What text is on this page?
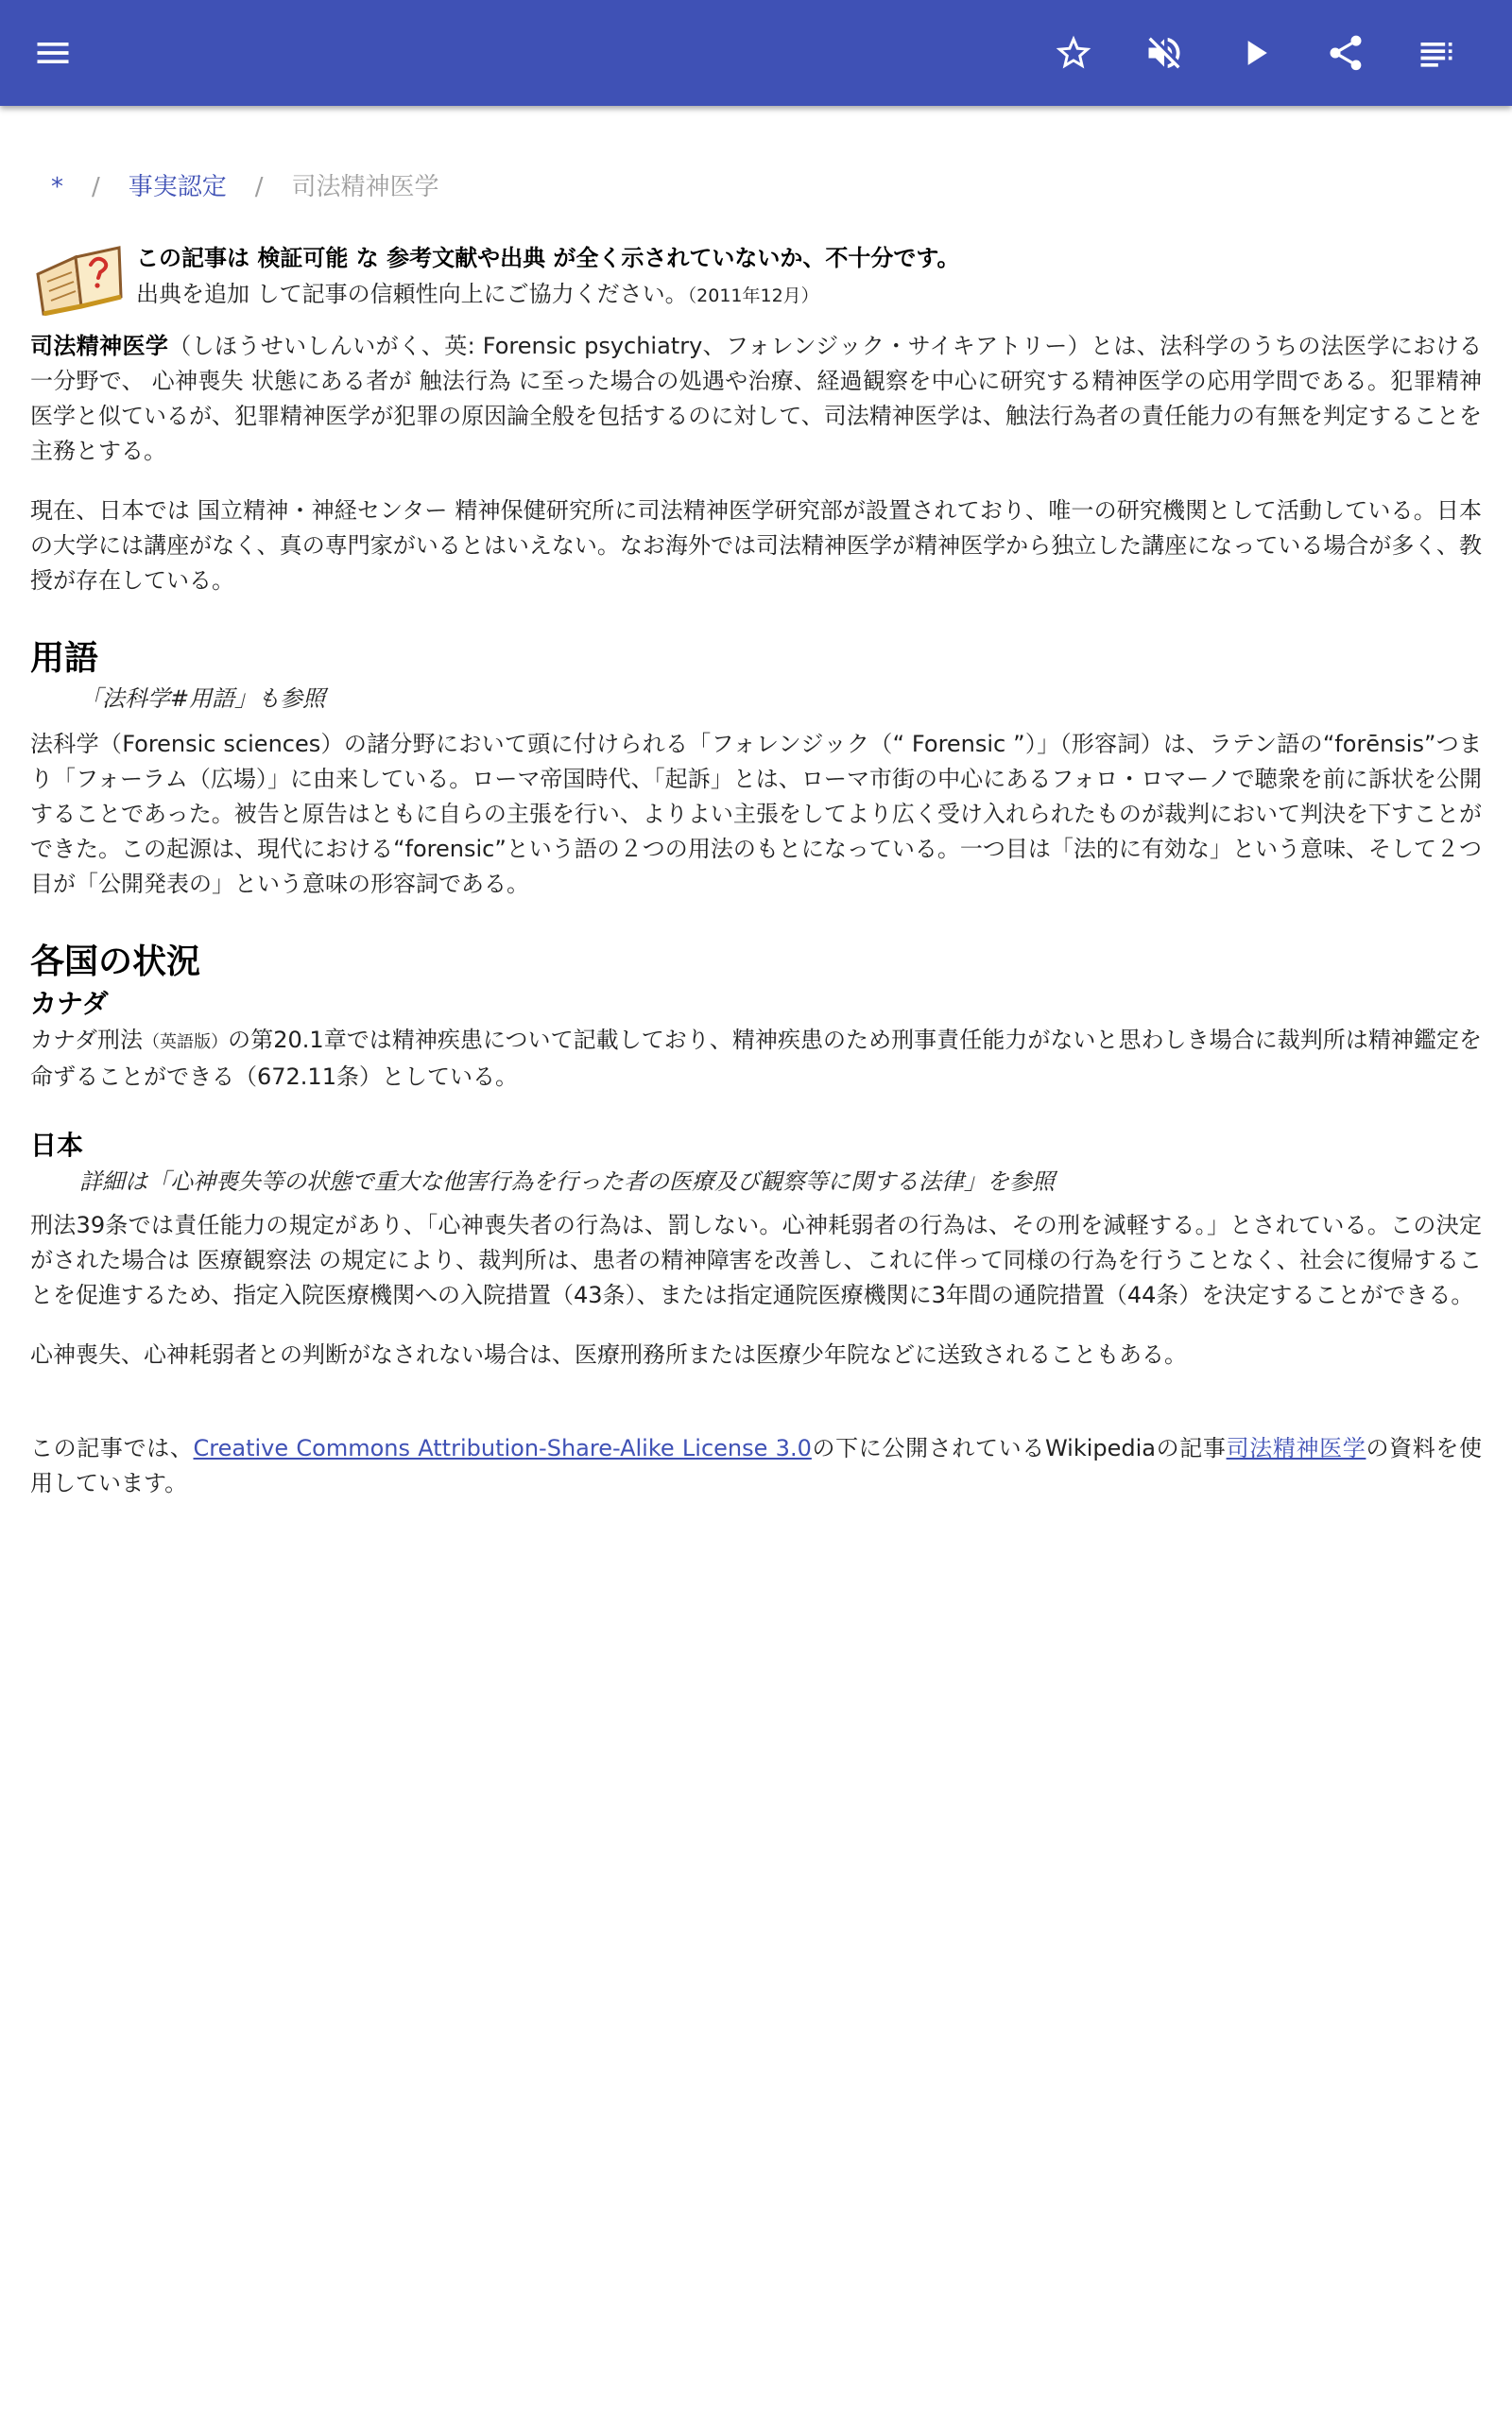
* / 事実認定 / 司法精神医学
この記事は 検証可能 な 参考文献や出典 が全く示されていないか、不十分です。
出典を追加 して記事の信頼性向上にご協力ください。（2011年12月）

司法精神医学（しほうせいしんいがく、英: Forensic psychiatry、フォレンジック・サイキアトリー）とは、法科学のうちの法医学における一分野で、 心神喪失 状態にある者が 触法行為 に至った場合の処遇や治療、経過観察を中心に研究する精神医学の応用学問である。犯罪精神医学と似ているが、犯罪精神医学が犯罪の原因論全般を包括するのに対して、司法精神医学は、触法行為者の責任能力の有無を判定することを主務とする。

現在、日本では 国立精神・神経センター 精神保健研究所に司法精神医学研究部が設置されており、唯一の研究機関として活動している。日本の大学には講座がなく、真の専門家がいるとはいえない。なお海外では司法精神医学が精神医学から独立した講座になっている場合が多く、教授が存在している。

用語
「法科学#用語」も参照

法科学（Forensic sciences）の諸分野において頭に付けられる「フォレンジック（“ Forensic ”）」（形容詞）は、ラテン語の“forēnsis”つまり「フォーラム（広場）」に由来している。ローマ帝国時代、「起訴」とは、ローマ市街の中心にあるフォロ・ロマーノで聴衆を前に訴状を公開することであった。被告と原告はともに自らの主張を行い、よりよい主張をしてより広く受け入れられたものが裁判において判決を下すことができた。この起源は、現代における“forensic”という語の２つの用法のもとになっている。一つ目は「法的に有効な」という意味、そして２つ目が「公開発表の」という意味の形容詞である。

各国の状況
カナダ

カナダ刑法（英語版）の第20.1章では精神疾患について記載しており、精神疾患のため刑事責任能力がないと思わしき場合に裁判所は精神鑑定を命ずることができる（672.11条）としている。

日本
詳細は「心神喪失等の状態で重大な他害行為を行った者の医療及び観察等に関する法律」を参照

刑法39条では責任能力の規定があり、「心神喪失者の行為は、罰しない。心神耗弱者の行為は、その刑を減軽する。」とされている。この決定がされた場合は 医療観察法 の規定により、裁判所は、患者の精神障害を改善し、これに伴って同様の行為を行うことなく、社会に復帰することを促進するため、指定入院医療機関への入院措置（43条）、または指定通院医療機関に3年間の通院措置（44条）を決定することができる。

心神喪失、心神耗弱者との判断がなされない場合は、医療刑務所または医療少年院などに送致されることもある。

この記事では、Creative Commons Attribution-Share-Alike License 3.0の下に公開されているWikipediaの記事司法精神医学の資料を使用しています。
